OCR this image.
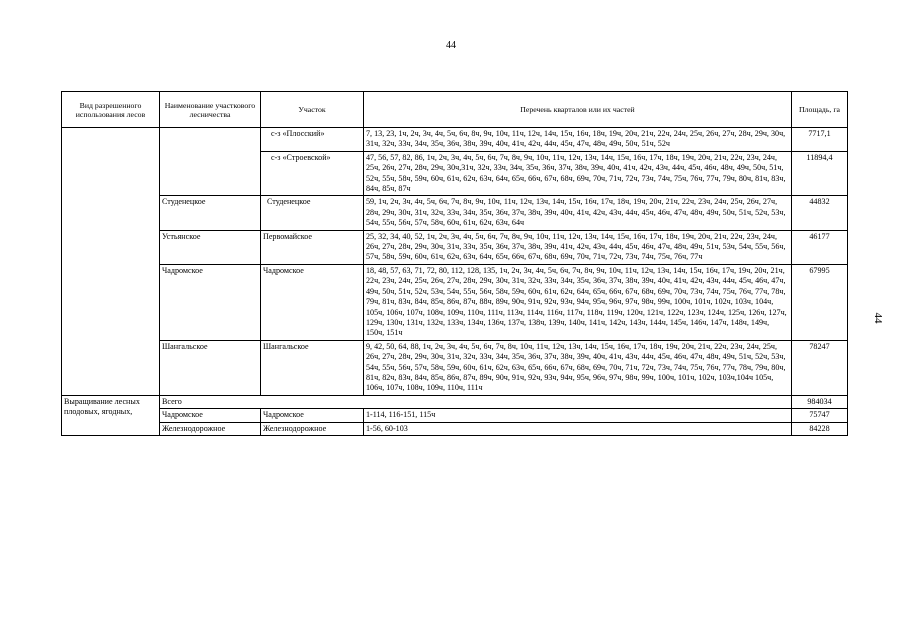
44
44
Вид разрешенного использования лесов	Наименование участкового лесничества	Участок	Перечень кварталов или их частей	Площадь, га
		с-з «Плосский»	7, 13, 23, 1ч, 2ч, 3ч, 4ч, 5ч, 6ч, 8ч, 9ч, 10ч, 11ч, 12ч, 14ч, 15ч, 16ч, 18ч, 19ч, 20ч, 21ч, 22ч, 24ч, 25ч, 26ч, 27ч, 28ч, 29ч, 30ч, 31ч, 32ч, 33ч, 34ч, 35ч, 36ч, 38ч, 39ч, 40ч, 41ч, 42ч, 44ч, 45ч, 47ч, 48ч, 49ч, 50ч, 51ч, 52ч	7717,1
		с-з «Строевской»	47, 56, 57, 82, 86, 1ч, 2ч, 3ч, 4ч, 5ч, 6ч, 7ч, 8ч, 9ч, 10ч, 11ч, 12ч, 13ч, 14ч, 15ч, 16ч, 17ч, 18ч, 19ч, 20ч, 21ч, 22ч, 23ч, 24ч, 25ч, 26ч, 27ч, 28ч, 29ч, 30ч,31ч, 32ч, 33ч, 34ч, 35ч, 36ч, 37ч, 38ч, 39ч, 40ч, 41ч, 42ч, 43ч, 44ч, 45ч, 46ч, 48ч, 49ч, 50ч, 51ч, 52ч, 55ч, 58ч, 59ч, 60ч, 61ч, 62ч, 63ч, 64ч, 65ч, 66ч, 67ч, 68ч, 69ч, 70ч, 71ч, 72ч, 73ч, 74ч, 75ч, 76ч, 77ч, 79ч, 80ч, 81ч, 83ч, 84ч, 85ч, 87ч	11894,4
	Студенецкое	Студенецкое	59, 1ч, 2ч, 3ч, 4ч, 5ч, 6ч, 7ч, 8ч, 9ч, 10ч, 11ч, 12ч, 13ч, 14ч, 15ч, 16ч, 17ч, 18ч, 19ч, 20ч, 21ч, 22ч, 23ч, 24ч, 25ч, 26ч, 27ч, 28ч, 29ч, 30ч, 31ч, 32ч, 33ч, 34ч, 35ч, 36ч, 37ч, 38ч, 39ч, 40ч, 41ч, 42ч, 43ч, 44ч, 45ч, 46ч, 47ч, 48ч, 49ч, 50ч, 51ч, 52ч, 53ч, 54ч, 55ч, 56ч, 57ч, 58ч, 60ч, 61ч, 62ч, 63ч, 64ч	44832
	Устьянское	Первомайское	25, 32, 34, 40, 52, 1ч, 2ч, 3ч, 4ч, 5ч, 6ч, 7ч, 8ч, 9ч, 10ч, 11ч, 12ч, 13ч, 14ч, 15ч, 16ч, 17ч, 18ч, 19ч, 20ч, 21ч, 22ч, 23ч, 24ч, 26ч, 27ч, 28ч, 29ч, 30ч, 31ч, 33ч, 35ч, 36ч, 37ч, 38ч, 39ч, 41ч, 42ч, 43ч, 44ч, 45ч, 46ч, 47ч, 48ч, 49ч, 51ч, 53ч, 54ч, 55ч, 56ч, 57ч, 58ч, 59ч, 60ч, 61ч, 62ч, 63ч, 64ч, 65ч, 66ч, 67ч, 68ч, 69ч, 70ч, 71ч, 72ч, 73ч, 74ч, 75ч, 76ч, 77ч	46177
	Чадромское	Чадромское	18, 48, 57, 63, 71, 72, 80, 112, 128, 135, 1ч, 2ч, 3ч, 4ч, 5ч, 6ч, 7ч, 8ч, 9ч, 10ч, 11ч, 12ч, 13ч, 14ч, 15ч, 16ч, 17ч, 19ч, 20ч, 21ч, 22ч, 23ч, 24ч, 25ч, 26ч, 27ч, 28ч, 29ч, 30ч, 31ч, 32ч, 33ч, 34ч, 35ч, 36ч, 37ч, 38ч, 39ч, 40ч, 41ч, 42ч, 43ч, 44ч, 45ч, 46ч, 47ч, 49ч, 50ч, 51ч, 52ч, 53ч, 54ч, 55ч, 56ч, 58ч, 59ч, 60ч, 61ч, 62ч, 64ч, 65ч, 66ч, 67ч, 68ч, 69ч, 70ч, 73ч, 74ч, 75ч, 76ч, 77ч, 78ч, 79ч, 81ч, 83ч, 84ч, 85ч, 86ч, 87ч, 88ч, 89ч, 90ч, 91ч, 92ч, 93ч, 94ч, 95ч, 96ч, 97ч, 98ч, 99ч, 100ч, 101ч, 102ч, 103ч, 104ч, 105ч, 106ч, 107ч, 108ч, 109ч, 110ч, 111ч, 113ч, 114ч, 116ч, 117ч, 118ч, 119ч, 120ч, 121ч, 122ч, 123ч, 124ч, 125ч, 126ч, 127ч, 129ч, 130ч, 131ч, 132ч, 133ч, 134ч, 136ч, 137ч, 138ч, 139ч, 140ч, 141ч, 142ч, 143ч, 144ч, 145ч, 146ч, 147ч, 148ч, 149ч, 150ч, 151ч	67995
	Шангальское	Шангальское	9, 42, 50, 64, 88, 1ч, 2ч, 3ч, 4ч, 5ч, 6ч, 7ч, 8ч, 10ч, 11ч, 12ч, 13ч, 14ч, 15ч, 16ч, 17ч, 18ч, 19ч, 20ч, 21ч, 22ч, 23ч, 24ч, 25ч, 26ч, 27ч, 28ч, 29ч, 30ч, 31ч, 32ч, 33ч, 34ч, 35ч, 36ч, 37ч, 38ч, 39ч, 40ч, 41ч, 43ч, 44ч, 45ч, 46ч, 47ч, 48ч, 49ч, 51ч, 52ч, 53ч, 54ч, 55ч, 56ч, 57ч, 58ч, 59ч, 60ч, 61ч, 62ч, 63ч, 65ч, 66ч, 67ч, 68ч, 69ч, 70ч, 71ч, 72ч, 73ч, 74ч, 75ч, 76ч, 77ч, 78ч, 79ч, 80ч, 81ч, 82ч, 83ч, 84ч, 85ч, 86ч, 87ч, 89ч, 90ч, 91ч, 92ч, 93ч, 94ч, 95ч, 96ч, 97ч, 98ч, 99ч, 100ч, 101ч, 102ч, 103ч,104ч 105ч, 106ч, 107ч, 108ч, 109ч, 110ч, 111ч	78247
Выращивание лесных плодовых, ягодных,	Всего			984034
	Чадромское	Чадромское	1-114, 116-151, 115ч	75747
	Железнодорожное	Железнодорожное	1-56, 60-103	84228
